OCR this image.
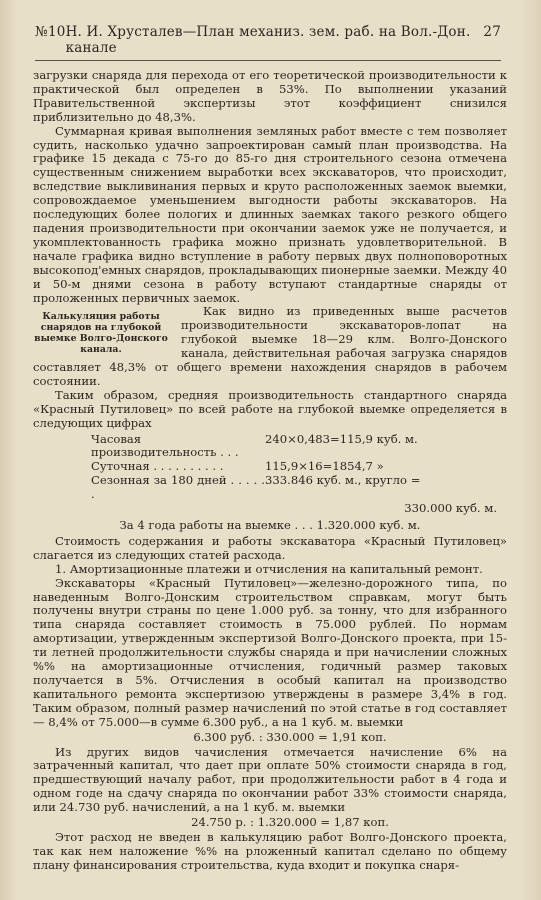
№10 Н. И. Хрусталев—План механиз. зем. раб. на Вол.-Дон. канале
27

загрузки снаряда для перехода от его теоретической производительности к практической был определен в 53%. По выполнении указаний Правительственной экспертизы этот коэффициент снизился приблизительно до 48,3%.

Суммарная кривая выполнения земляных работ вместе с тем позволяет судить, насколько удачно запроектирован самый план производства. На графике 15 декада с 75-го до 85-го дня строительного сезона отмечена существенным снижением выработки всех экскаваторов, что происходит, вследствие выкливинания первых и круто расположенных заемок выемки, сопровождаемое уменьшением выгодности работы экскаваторов. На последующих более пологих и длинных заемках такого резкого общего падения производительности при окончании заемок уже не получается, и укомплектованность графика можно признать удовлетворительной. В начале графика видно вступление в работу первых двух полноповоротных высокопод'емных снарядов, прокладывающих пионерные заемки. Между 40 и 50-м днями сезона в работу вступают стандартные снаряды от проложенных первичных заемок.

Калькуляция работы снарядов на глубокой выемке Волго-Донского канала.

Как видно из приведенных выше расчетов производительности экскаваторов-лопат на глубокой выемке 18—29 клм. Волго-Донского канала, действительная рабочая загрузка снарядов составляет 48,3% от общего времени нахождения снарядов в рабочем состоянии.

Таким образом, средняя производительность стандартного снаряда «Красный Путиловец» по всей работе на глубокой выемке определяется в следующих цифрах

Часовая производительность . . .
240×0,483=115,9 куб. м.
Суточная . . . . . . . . . .	115,9×16=1854,7 »
Сезонная за 180 дней . . . . . .
333.846 куб. м., кругло =
330.000 куб. м.
За 4 года работы на выемке . . . 1.320.000 куб. м.

Стоимость содержания и работы экскаватора «Красный Путиловец» слагается из следующих статей расхода.

1. Амортизационные платежи и отчисления на капитальный ремонт.

Экскаваторы «Красный Путиловец»—железно-дорожного типа, по наведенным Волго-Донским строительством справкам, могут быть получены внутри страны по цене 1.000 руб. за тонну, что для избранного типа снаряда составляет стоимость в 75.000 рублей. По нормам амортизации, утвержденным экспертизой Волго-Донского проекта, при 15-ти летней продолжительности службы снаряда и при начислении сложных %% на амортизационные отчисления, годичный размер таковых получается в 5%. Отчисления в особый капитал на производство капитального ремонта экспертизою утверждены в размере 3,4% в год. Таким образом, полный размер начислений по этой статье в год составляет — 8,4% от 75.000—в сумме 6.300 руб., а на 1 куб. м. выемки

6.300 руб. : 330.000 = 1,91 коп.

Из других видов чачисления отмечается начисление 6% на затраченный капитал, что дает при оплате 50% стоимости снаряда в год, предшествующий началу работ, при продолжительности работ в 4 года и одном годе на сдачу снаряда по окончании работ 33% стоимости снаряда, или 24.730 руб. начислений, а на 1 куб. м. выемки

24.750 р. : 1.320.000 = 1,87 коп.

Этот расход не введен в калькуляцию работ Волго-Донского проекта, так как нем наложение %% на рложенный капитал сделано по общему плану финансирования строительства, куда входит и покупка снаря-
